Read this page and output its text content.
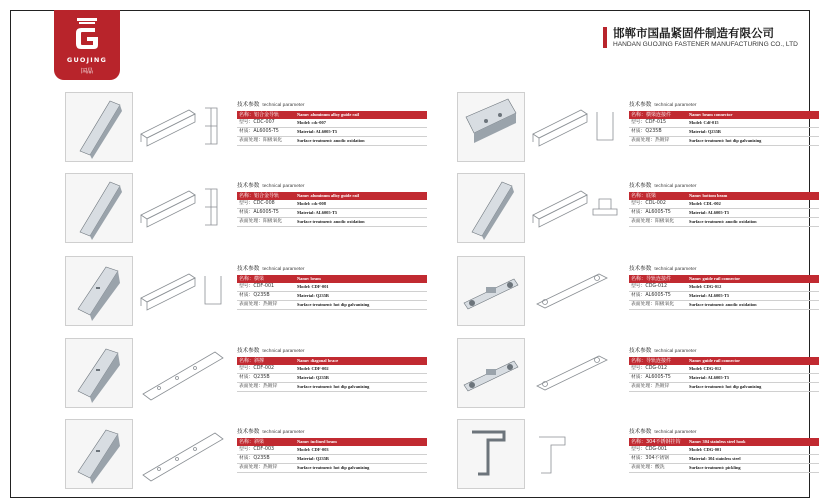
GUOJING
国晶
邯郸市国晶紧固件制造有限公司
HANDAN GUOJING FASTENER MANUFACTURING CO., LTD
技术参数 technical parameter
名称：铝合金导轨	Name: aluminum alloy guide rail
型号：CDC-007	Model: cdc-007
材质：AL6005-T5	Material: AL6005-T5
表面处理：阳极氧化	Surface treatment: anodic oxidation
技术参数 technical parameter
名称：横梁连接件	Name: beam connector
型号：CDF-015	Model: Cdf-015
材质：Q235B	Material: Q235B
表面处理：热镀锌	Surface treatment: hot dip galvanizing
技术参数 technical parameter
名称：铝合金导轨	Name: aluminum alloy guide rail
型号：CDC-008	Model: cdc-008
材质：AL6005-T5	Material: AL6005-T5
表面处理：阳极氧化	Surface treatment: anodic oxidation
技术参数 technical parameter
名称：底梁	Name: bottom beam
型号：CDL-002	Model: CDL-002
材质：AL6005-T5	Material: AL6005-T5
表面处理：阳极氧化	Surface treatment: anodic oxidation
技术参数 technical parameter
名称：横梁	Name: beam
型号：CDF-001	Model: CDF-001
材质：Q235B	Material: Q235B
表面处理：热镀锌	Surface treatment: hot dip galvanizing
技术参数 technical parameter
名称：导轨连接件	Name: guide rail connector
型号：CDG-012	Model: CDG-012
材质：AL6005-T5	Material: AL6005-T5
表面处理：阳极氧化	Surface treatment: anodic oxidation
技术参数 technical parameter
名称：斜撑	Name: diagonal brace
型号：CDF-002	Model: CDF-002
材质：Q235B	Material: Q235B
表面处理：热镀锌	Surface treatment: hot dip galvanizing
技术参数 technical parameter
名称：导轨连接件	Name: guide rail connector
型号：CDG-012	Model: CDG-012
材质：AL6005-T5	Material: AL6005-T5
表面处理：热镀锌	Surface treatment: hot dip galvanizing
技术参数 technical parameter
名称：斜梁	Name: inclined beam
型号：CDF-003	Model: CDF-003
材质：Q235B	Material: Q235B
表面处理：热镀锌	Surface treatment: hot dip galvanizing
技术参数 technical parameter
名称：304不锈钢挂钩	Name: 304 stainless steel hook
型号：CDG-001	Model: CDG-001
材质：304不锈钢	Material: 304 stainless steel
表面处理：酸洗	Surface treatment: pickling
